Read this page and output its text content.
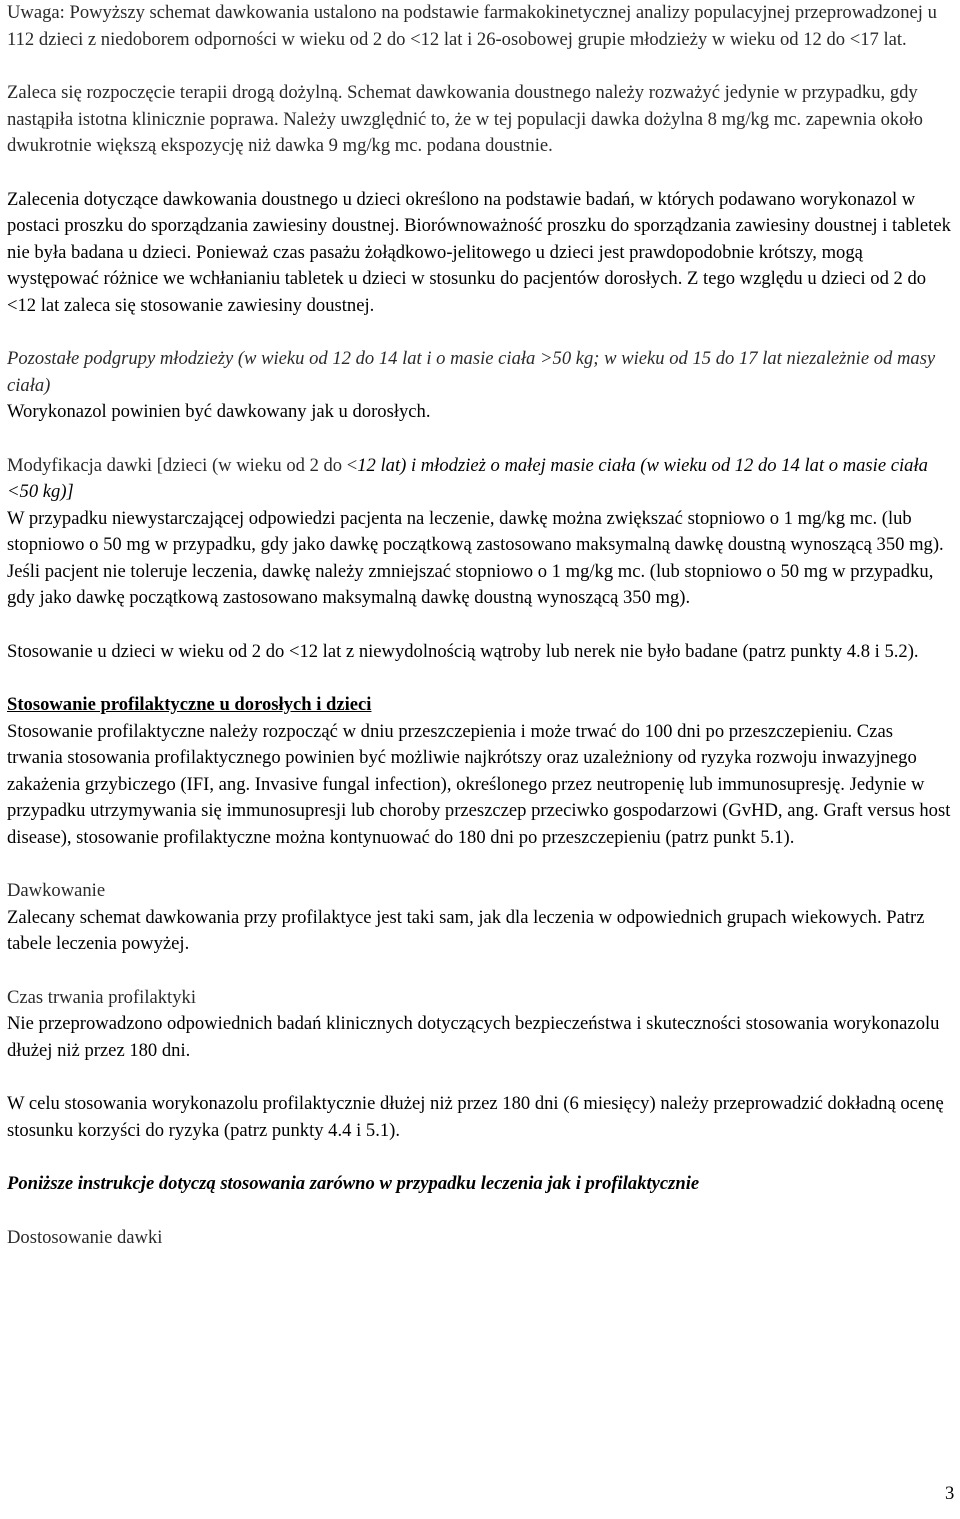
Uwaga: Powyższy schemat dawkowania ustalono na podstawie farmakokinetycznej analizy populacyjnej przeprowadzonej u 112 dzieci z niedoborem odporności w wieku od 2 do <12 lat i 26-osobowej grupie młodzieży w wieku od 12 do <17 lat.

Zaleca się rozpoczęcie terapii drogą dożylną. Schemat dawkowania doustnego należy rozważyć jedynie w przypadku, gdy nastąpiła istotna klinicznie poprawa. Należy uwzględnić to, że w tej populacji dawka dożylna 8 mg/kg mc. zapewnia około dwukrotnie większą ekspozycję niż dawka 9 mg/kg mc. podana doustnie.

Zalecenia dotyczące dawkowania doustnego u dzieci określono na podstawie badań, w których podawano worykonazol w postaci proszku do sporządzania zawiesiny doustnej. Biorównoważność proszku do sporządzania zawiesiny doustnej i tabletek nie była badana u dzieci. Ponieważ czas pasażu żołądkowo-jelitowego u dzieci jest prawdopodobnie krótszy, mogą występować różnice we wchłanianiu tabletek u dzieci w stosunku do pacjentów dorosłych. Z tego względu u dzieci od 2 do <12 lat zaleca się stosowanie zawiesiny doustnej.

Pozostałe podgrupy młodzieży (w wieku od 12 do 14 lat i o masie ciała >50 kg; w wieku od 15 do 17 lat niezależnie od masy ciała)
Worykonazol powinien być dawkowany jak u dorosłych.

Modyfikacja dawki [dzieci (w wieku od 2 do <12 lat) i młodzież o małej masie ciała (w wieku od 12 do 14 lat o masie ciała <50 kg)]
W przypadku niewystarczającej odpowiedzi pacjenta na leczenie, dawkę można zwiększać stopniowo o 1 mg/kg mc. (lub stopniowo o 50 mg w przypadku, gdy jako dawkę początkową zastosowano maksymalną dawkę doustną wynoszącą 350 mg). Jeśli pacjent nie toleruje leczenia, dawkę należy zmniejszać stopniowo o 1 mg/kg mc. (lub stopniowo o 50 mg w przypadku, gdy jako dawkę początkową zastosowano maksymalną dawkę doustną wynoszącą 350 mg).

Stosowanie u dzieci w wieku od 2 do <12 lat z niewydolnością wątroby lub nerek nie było badane (patrz punkty 4.8 i 5.2).

Stosowanie profilaktyczne u dorosłych i dzieci

Stosowanie profilaktyczne należy rozpocząć w dniu przeszczepienia i może trwać do 100 dni po przeszczepieniu. Czas trwania stosowania profilaktycznego powinien być możliwie najkrótszy oraz uzależniony od ryzyka rozwoju inwazyjnego zakażenia grzybiczego (IFI, ang. Invasive fungal infection), określonego przez neutropenię lub immunosupresję. Jedynie w przypadku utrzymywania się immunosupresji lub choroby przeszczep przeciwko gospodarzowi (GvHD, ang. Graft versus host disease), stosowanie profilaktyczne można kontynuować do 180 dni po przeszczepieniu (patrz punkt 5.1).

Dawkowanie

Zalecany schemat dawkowania przy profilaktyce jest taki sam, jak dla leczenia w odpowiednich grupach wiekowych. Patrz tabele leczenia powyżej.

Czas trwania profilaktyki

Nie przeprowadzono odpowiednich badań klinicznych dotyczących bezpieczeństwa i skuteczności stosowania worykonazolu dłużej niż przez 180 dni.

W celu stosowania worykonazolu profilaktycznie dłużej niż przez 180 dni (6 miesięcy) należy przeprowadzić dokładną ocenę stosunku korzyści do ryzyka (patrz punkty 4.4 i 5.1).

Poniższe instrukcje dotyczą stosowania zarówno w przypadku leczenia jak i profilaktycznie

Dostosowanie dawki

3
